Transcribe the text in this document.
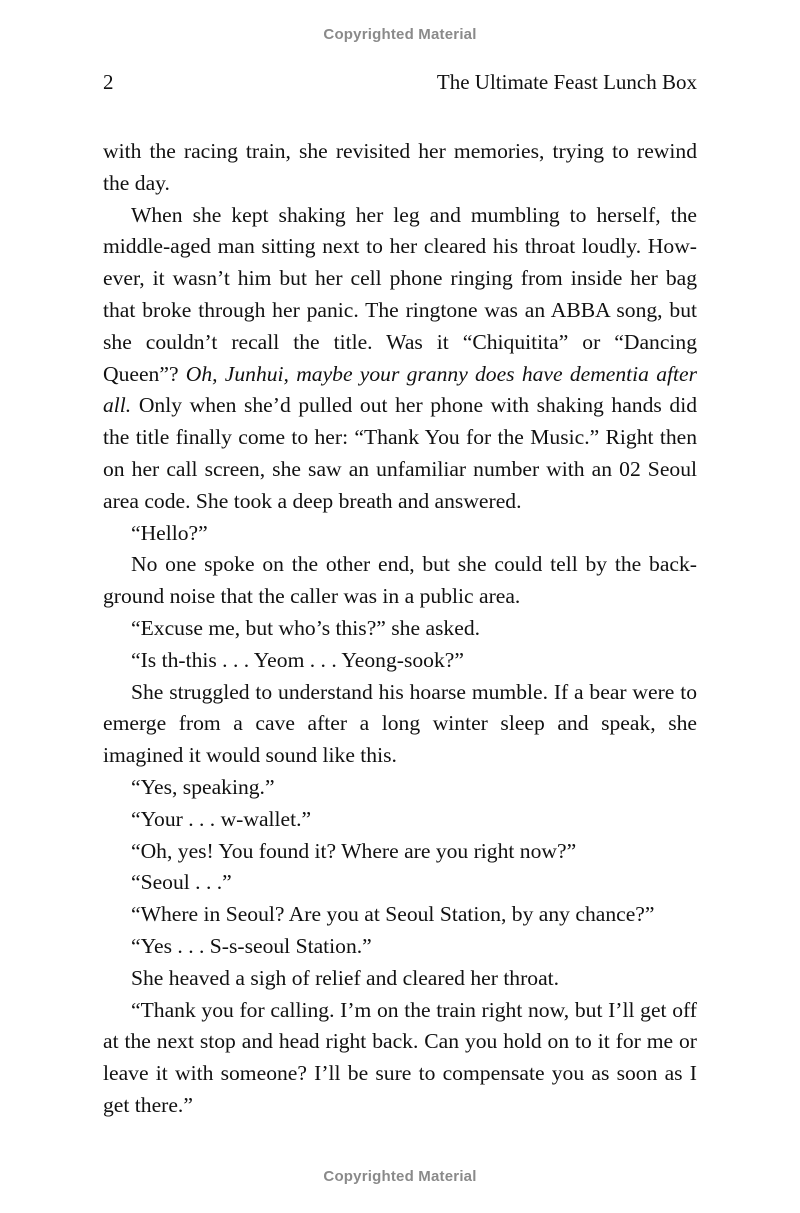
Copyrighted Material
2	The Ultimate Feast Lunch Box

with the racing train, she revisited her memories, trying to rewind the day.

When she kept shaking her leg and mumbling to herself, the middle-aged man sitting next to her cleared his throat loudly. However, it wasn’t him but her cell phone ringing from inside her bag that broke through her panic. The ringtone was an ABBA song, but she couldn’t recall the title. Was it “Chiquitita” or “Dancing Queen”? Oh, Junhui, maybe your granny does have dementia after all. Only when she’d pulled out her phone with shaking hands did the title finally come to her: “Thank You for the Music.” Right then on her call screen, she saw an unfamiliar number with an 02 Seoul area code. She took a deep breath and answered.

“Hello?”

No one spoke on the other end, but she could tell by the background noise that the caller was in a public area.

“Excuse me, but who’s this?” she asked.

“Is th-this . . . Yeom . . . Yeong-sook?”

She struggled to understand his hoarse mumble. If a bear were to emerge from a cave after a long winter sleep and speak, she imagined it would sound like this.

“Yes, speaking.”

“Your . . . w-wallet.”

“Oh, yes! You found it? Where are you right now?”

“Seoul . . .”

“Where in Seoul? Are you at Seoul Station, by any chance?”

“Yes . . . S-s-seoul Station.”

She heaved a sigh of relief and cleared her throat.

“Thank you for calling. I’m on the train right now, but I’ll get off at the next stop and head right back. Can you hold on to it for me or leave it with someone? I’ll be sure to compensate you as soon as I get there.”

Copyrighted Material
